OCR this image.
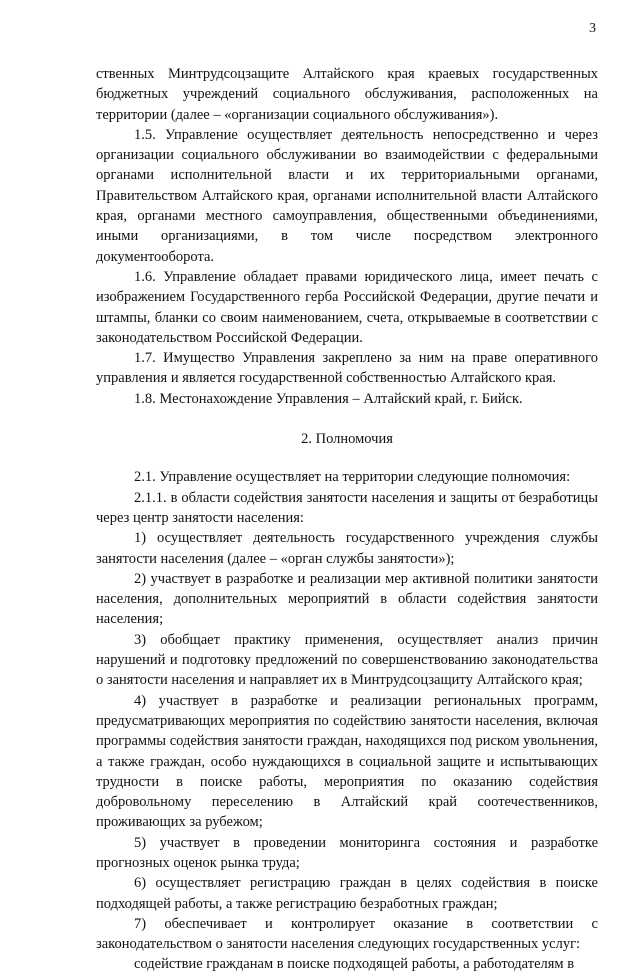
3

ственных Минтрудсоцзащите Алтайского края краевых государственных бюджетных учреждений социального обслуживания, расположенных на территории (далее – «организации социального обслуживания»).

1.5. Управление осуществляет деятельность непосредственно и через организации социального обслуживании во взаимодействии с федеральными органами исполнительной власти и их территориальными органами, Правительством Алтайского края, органами исполнительной власти Алтайского края, органами местного самоуправления, общественными объединениями, иными организациями, в том числе посредством электронного документооборота.

1.6. Управление обладает правами юридического лица, имеет печать с изображением Государственного герба Российской Федерации, другие печати и штампы, бланки со своим наименованием, счета, открываемые в соответствии с законодательством Российской Федерации.

1.7. Имущество Управления закреплено за ним на праве оперативного управления и является государственной собственностью Алтайского края.

1.8. Местонахождение Управления – Алтайский край, г. Бийск.

2. Полномочия

2.1. Управление осуществляет на территории следующие полномочия:

2.1.1. в области содействия занятости населения и защиты от безработицы через центр занятости населения:

1) осуществляет деятельность государственного учреждения службы занятости населения (далее – «орган службы занятости»);

2) участвует в разработке и реализации мер активной политики занятости населения, дополнительных мероприятий в области содействия занятости населения;

3) обобщает практику применения, осуществляет анализ причин нарушений и подготовку предложений по совершенствованию законодательства о занятости населения и направляет их в Минтрудсоцзащиту Алтайского края;

4) участвует в разработке и реализации региональных программ, предусматривающих мероприятия по содействию занятости населения, включая программы содействия занятости граждан, находящихся под риском увольнения, а также граждан, особо нуждающихся в социальной защите и испытывающих трудности в поиске работы, мероприятия по оказанию содействия добровольному переселению в Алтайский край соотечественников, проживающих за рубежом;

5) участвует в проведении мониторинга состояния и разработке прогнозных оценок рынка труда;

6) осуществляет регистрацию граждан в целях содействия в поиске подходящей работы, а также регистрацию безработных граждан;

7) обеспечивает и контролирует оказание в соответствии с законодательством о занятости населения следующих государственных услуг:

содействие гражданам в поиске подходящей работы, а работодателям в
